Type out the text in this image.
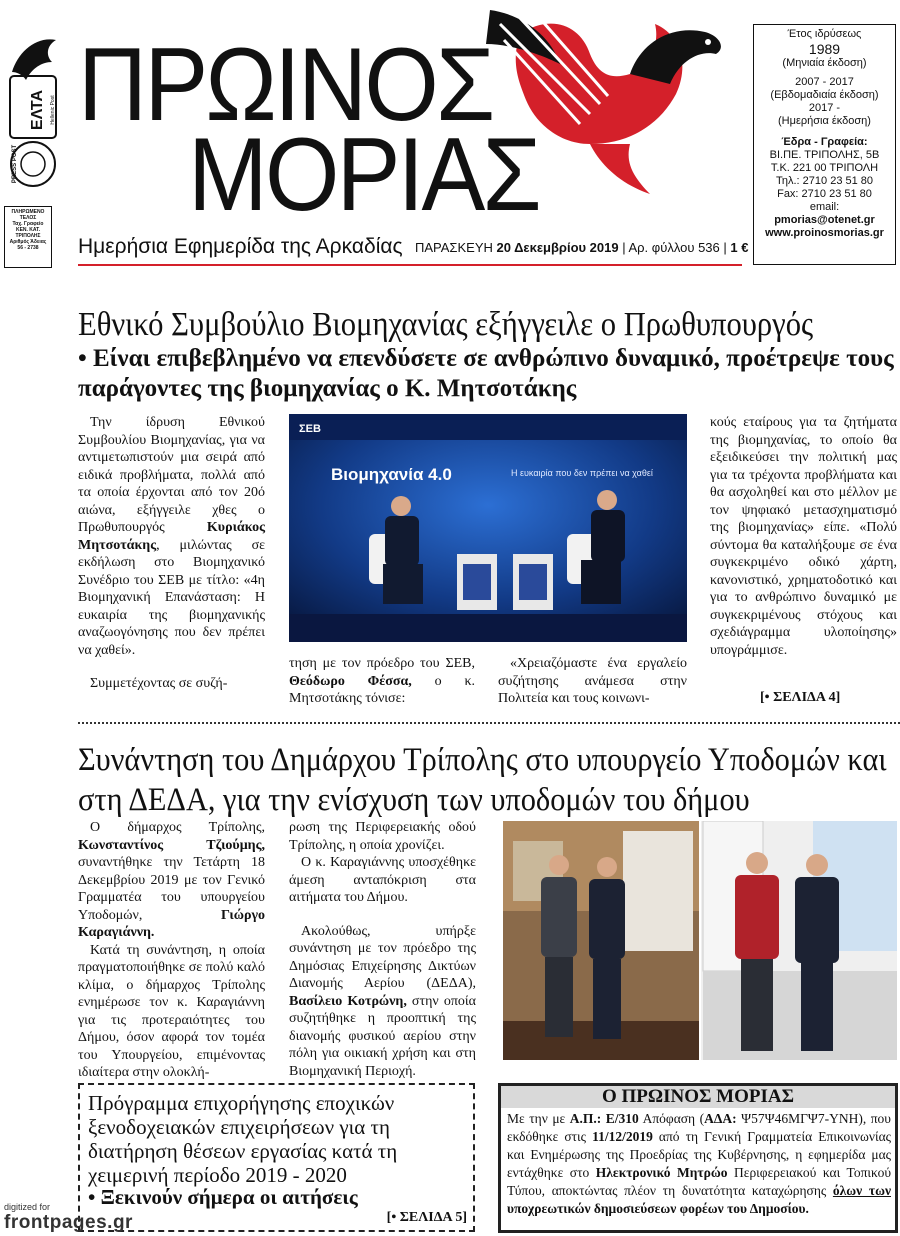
ΕΛΤΑ Hellenic Post
PRESS POST
ΠΛΗΡΩΜΕΝΟ
ΤΕΛΟΣ
Ταχ. Γραφείο
ΚΕΝ. ΚΑΤ. ΤΡΙΠΟΛΗΣ
Αριθμός Άδειας
56 - 2738
ΠΡΩΙΝΟΣ
ΜΟΡΙΑΣ
Ημερήσια Εφημερίδα της Αρκαδίας ΠΑΡΑΣΚΕΥΗ 20 Δεκεμβρίου 2019 | Αρ. φύλλου 536 | 1 €
Έτος ιδρύσεως
1989
(Μηνιαία έκδοση)
2007 - 2017
(Εβδομαδιαία έκδοση)
2017 -
(Ημερήσια έκδοση)
Έδρα - Γραφεία:
ΒΙ.ΠΕ. ΤΡΙΠΟΛΗΣ, 5Β
Τ.Κ. 221 00 ΤΡΙΠΟΛΗ
Τηλ.: 2710 23 51 80
Fax: 2710 23 51 80
email:
pmorias@otenet.gr
www.proinosmorias.gr
Εθνικό Συμβούλιο Βιομηχανίας εξήγγειλε ο Πρωθυπουργός
• Είναι επιβεβλημένο να επενδύσετε σε ανθρώπινο δυναμικό, προέτρεψε τους παράγοντες της βιομηχανίας ο Κ. Μητσοτάκης

Την ίδρυση Εθνικού Συμβουλίου Βιομηχανίας, για να αντιμετωπιστούν μια σειρά από ειδικά προβλήματα, πολλά από τα οποία έρχονται από τον 20ό αιώνα, εξήγγειλε χθες ο Πρωθυπουργός Κυριάκος Μητσοτάκης, μιλώντας σε εκδήλωση στο Βιομηχανικό Συνέδριο του ΣΕΒ με τίτλο: «4η Βιομηχανική Επανάσταση: Η ευκαιρία της βιομηχανικής αναζωογόνησης που δεν πρέπει να χαθεί».

Συμμετέχοντας σε συζή-

ΣΕΒ
Βιομηχανία 4.0	Η ευκαιρία που δεν πρέπει να χαθεί

τηση με τον πρόεδρο του ΣΕΒ, Θεόδωρο Φέσσα, ο κ. Μητσοτάκης τόνισε:

«Χρειαζόμαστε ένα εργαλείο συζήτησης ανάμεσα στην Πολιτεία και τους κοινωνι-

κούς εταίρους για τα ζητήματα της βιομηχανίας, το οποίο θα εξειδικεύσει την πολιτική μας για τα τρέχοντα προβλήματα και θα ασχοληθεί και στο μέλλον με τον ψηφιακό μετασχηματισμό της βιομηχανίας» είπε. «Πολύ σύντομα θα καταλήξουμε σε ένα συγκεκριμένο οδικό χάρτη, κανονιστικό, χρηματοδοτικό και για το ανθρώπινο δυναμικό με συγκεκριμένους στόχους και σχεδιάγραμμα υλοποίησης» υπογράμμισε.

[• ΣΕΛΙΔΑ 4]
Συνάντηση του Δημάρχου Τρίπολης στο υπουργείο Υποδομών και στη ΔΕΔΑ, για την ενίσχυση των υποδομών του δήμου

Ο δήμαρχος Τρίπολης, Κωνσταντίνος Τζιούμης, συναντήθηκε την Τετάρτη 18 Δεκεμβρίου 2019 με τον Γενικό Γραμματέα του υπουργείου Υποδομών, Γιώργο Καραγιάννη.

Κατά τη συνάντηση, η οποία πραγματοποιήθηκε σε πολύ καλό κλίμα, ο δήμαρχος Τρίπολης ενημέρωσε τον κ. Καραγιάννη για τις προτεραιότητες του Δήμου, όσον αφορά τον τομέα του Υπουργείου, επιμένοντας ιδιαίτερα στην ολοκλή-

ρωση της Περιφερειακής οδού Τρίπολης, η οποία χρονίζει.

Ο κ. Καραγιάννης υποσχέθηκε άμεση ανταπόκριση στα αιτήματα του Δήμου.

Ακολούθως, υπήρξε συνάντηση με τον πρόεδρο της Δημόσιας Επιχείρησης Δικτύων Διανομής Αερίου (ΔΕΔΑ), Βασίλειο Κοτρώνη, στην οποία συζητήθηκε η προοπτική της διανομής φυσικού αερίου στην πόλη για οικιακή χρήση και στη Βιομηχανική Περιοχή.

Πρόγραμμα επιχορήγησης εποχικών ξενοδοχειακών επιχειρήσεων για τη διατήρηση θέσεων εργασίας κατά τη χειμερινή περίοδο 2019 - 2020
• Ξεκινούν σήμερα οι αιτήσεις
[• ΣΕΛΙΔΑ 5]
Ο ΠΡΩΙΝΟΣ ΜΟΡΙΑΣ
Με την με Α.Π.: Ε/310 Απόφαση (ΑΔΑ: Ψ57Ψ46ΜΓΨ7-ΥΝΗ), που εκδόθηκε στις 11/12/2019 από τη Γενική Γραμματεία Επικοινωνίας και Ενημέρωσης της Προεδρίας της Κυβέρνησης, η εφημερίδα μας εντάχθηκε στο Ηλεκτρονικό Μητρώο Περιφερειακού και Τοπικού Τύπου, αποκτώντας πλέον τη δυνατότητα καταχώρησης όλων των υποχρεωτικών δημοσιεύσεων φορέων του Δημοσίου.
digitized for
frontpages.gr
